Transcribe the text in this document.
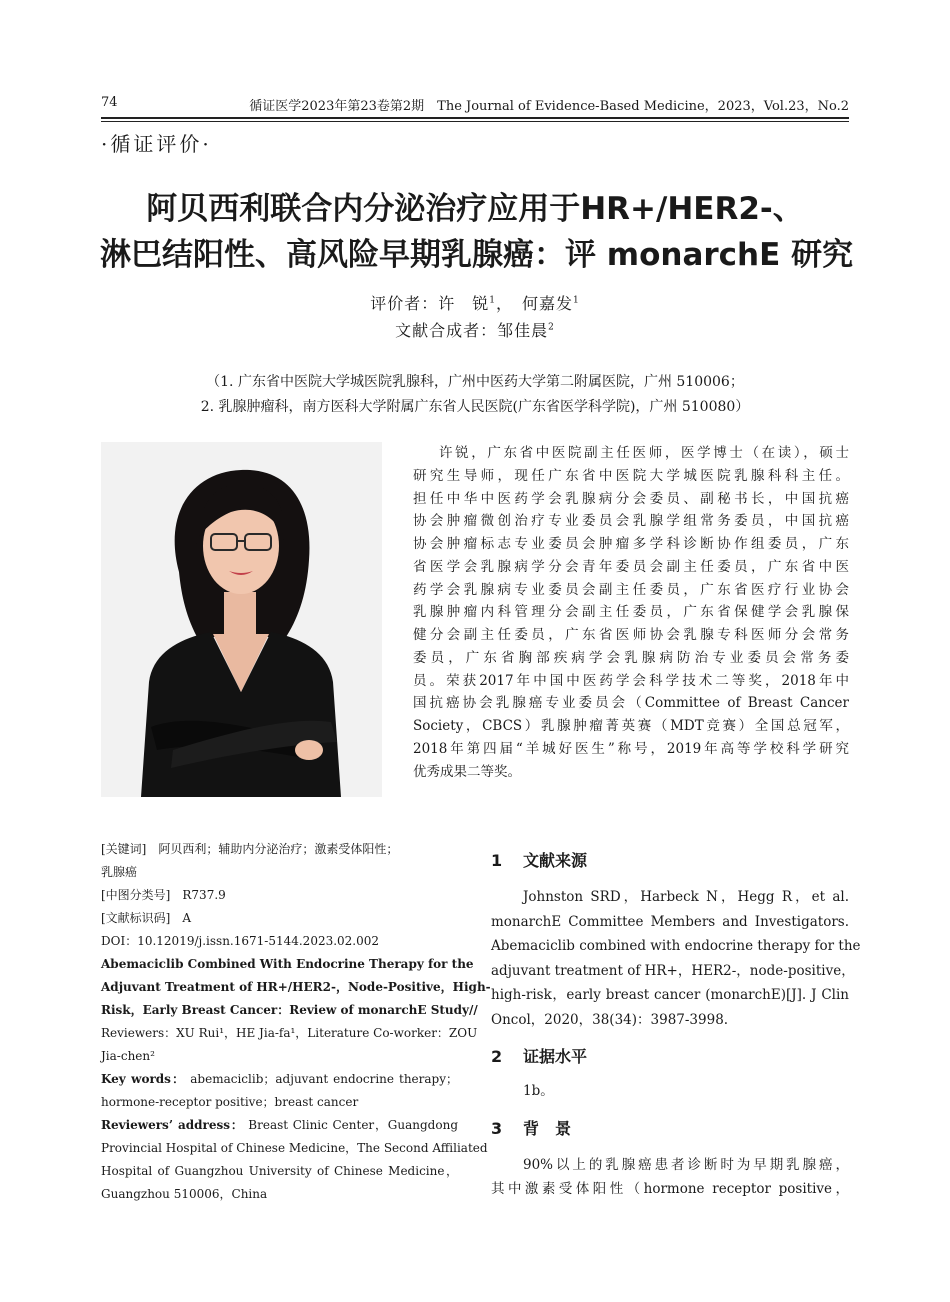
74	循证医学2023年第23卷第2期　The Journal of Evidence-Based Medicine，2023，Vol.23，No.2
·循证评价·
阿贝西利联合内分泌治疗应用于HR+/HER2-、
淋巴结阳性、高风险早期乳腺癌：评 monarchE 研究
评价者：许　锐$^1$，　 何嘉发$^1$
文献合成者：邹佳晨$^2$
（1. 广东省中医院大学城医院乳腺科，广州中医药大学第二附属医院，广州 510006；
2. 乳腺肿瘤科，南方医科大学附属广东省人民医院(广东省医学科学院)，广州 510080）
许锐，广东省中医院副主任医师，医学博士（在读），硕士
研究生导师，现任广东省中医院大学城医院乳腺科科主任。
担任中华中医药学会乳腺病分会委员、副秘书长，中国抗癌
协会肿瘤微创治疗专业委员会乳腺学组常务委员，中国抗癌
协会肿瘤标志专业委员会肿瘤多学科诊断协作组委员，广东
省医学会乳腺病学分会青年委员会副主任委员，广东省中医
药学会乳腺病专业委员会副主任委员，广东省医疗行业协会
乳腺肿瘤内科管理分会副主任委员，广东省保健学会乳腺保
健分会副主任委员，广东省医师协会乳腺专科医师分会常务
委员，广东省胸部疾病学会乳腺病防治专业委员会常务委
员。荣获2017年中国中医药学会科学技术二等奖，2018年中
国抗癌协会乳腺癌专业委员会（Committee of Breast Cancer
Society，CBCS）乳腺肿瘤菁英赛（MDT竞赛）全国总冠军，
2018年第四届“羊城好医生”称号，2019年高等学校科学研究
优秀成果二等奖。
[关键词]　 阿贝西利；辅助内分泌治疗；激素受体阳性；
乳腺癌
[中图分类号]　 R737.9
[文献标识码]　 A
DOI：10.12019/j.issn.1671-5144.2023.02.002
Abemaciclib Combined With Endocrine Therapy for the
Adjuvant Treatment of HR+/HER2-，Node-Positive，High-
Risk，Early Breast Cancer：Review of monarchE Study//
Reviewers：XU Rui¹，HE Jia-fa¹，Literature Co-worker：ZOU
Jia-chen²
Key words： abemaciclib；adjuvant endocrine therapy；
hormone-receptor positive；breast cancer
Reviewers’ address： Breast Clinic Center，Guangdong
Provincial Hospital of Chinese Medicine，The Second Affiliated
Hospital of Guangzhou University of Chinese Medicine，
Guangzhou 510006，China
1 文献来源
Johnston SRD，Harbeck N，Hegg R，et al.
monarchE Committee Members and Investigators.
Abemaciclib combined with endocrine therapy for the
adjuvant treatment of HR+，HER2-，node-positive，
high-risk，early breast cancer (monarchE)[J]. J Clin
Oncol，2020，38(34)：3987-3998.
2 证据水平
1b。
3 背　景
90%以上的乳腺癌患者诊断时为早期乳腺癌，
其中激素受体阳性（hormone receptor positive，
